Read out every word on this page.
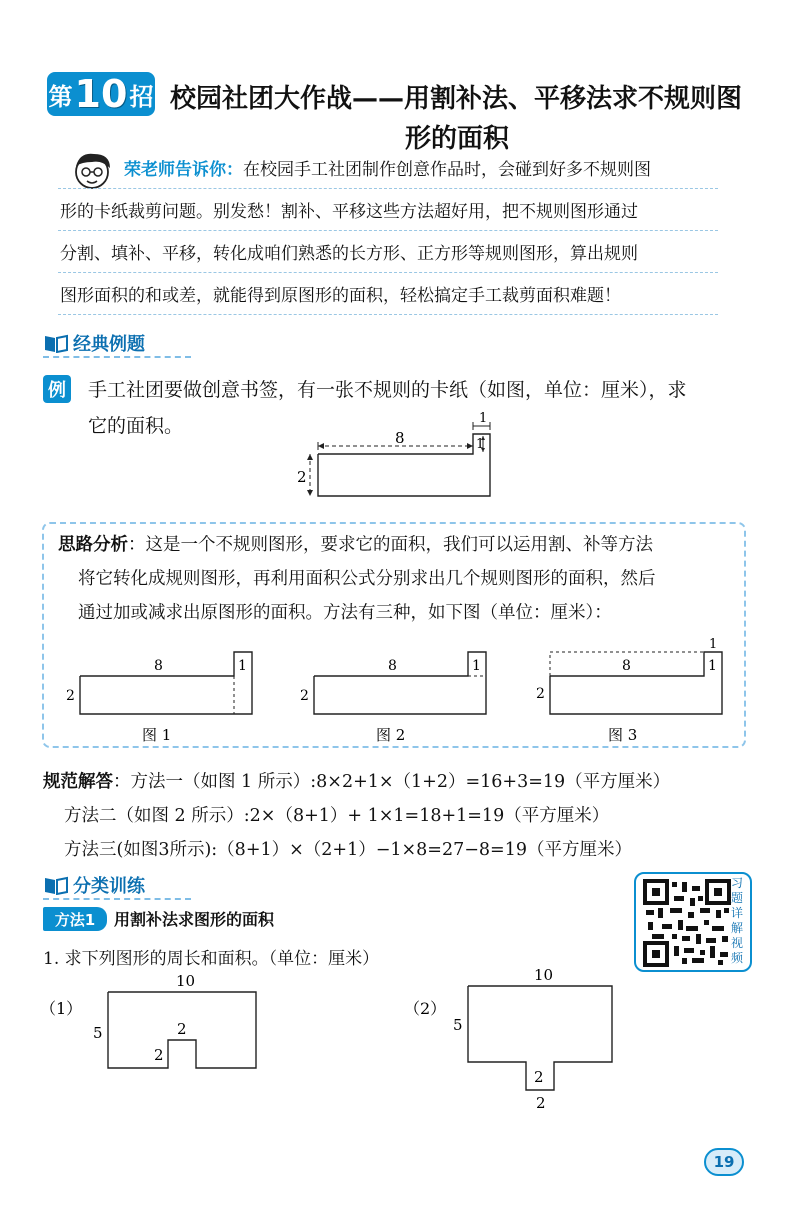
第 10 招 校园社团大作战——用割补法、平移法求不规则图
形的面积
荣老师告诉你：在校园手工社团制作创意作品时，会碰到好多不规则图
形的卡纸裁剪问题。别发愁！割补、平移这些方法超好用，把不规则图形通过
分割、填补、平移，转化成咱们熟悉的长方形、正方形等规则图形，算出规则
图形面积的和或差，就能得到原图形的面积，轻松搞定手工裁剪面积难题！
经典例题
例 手工社团要做创意书签，有一张不规则的卡纸（如图，单位：厘米），求
它的面积。
8
2
1
1
思路分析：这是一个不规则图形，要求它的面积，我们可以运用割、补等方法
将它转化成规则图形，再利用面积公式分别求出几个规则图形的面积，然后
通过加或减求出原图形的面积。方法有三种，如下图（单位：厘米）：
8
2
1
图 1
8
2
1
图 2
8
2
1
1
图 3
规范解答：方法一（如图 1 所示）:8×2+1×（1+2）=16+3=19（平方厘米）
方法二（如图 2 所示）:2×（8+1）+ 1×1=18+1=19（平方厘米）
方法三(如图3所示):（8+1）×（2+1）−1×8=27−8=19（平方厘米）
分类训练
方法1	用割补法求图形的面积
习题详解视频
1. 求下列图形的周长和面积。（单位：厘米）
（1）
10
5	2
2
（2）
10
5
2
2
19
